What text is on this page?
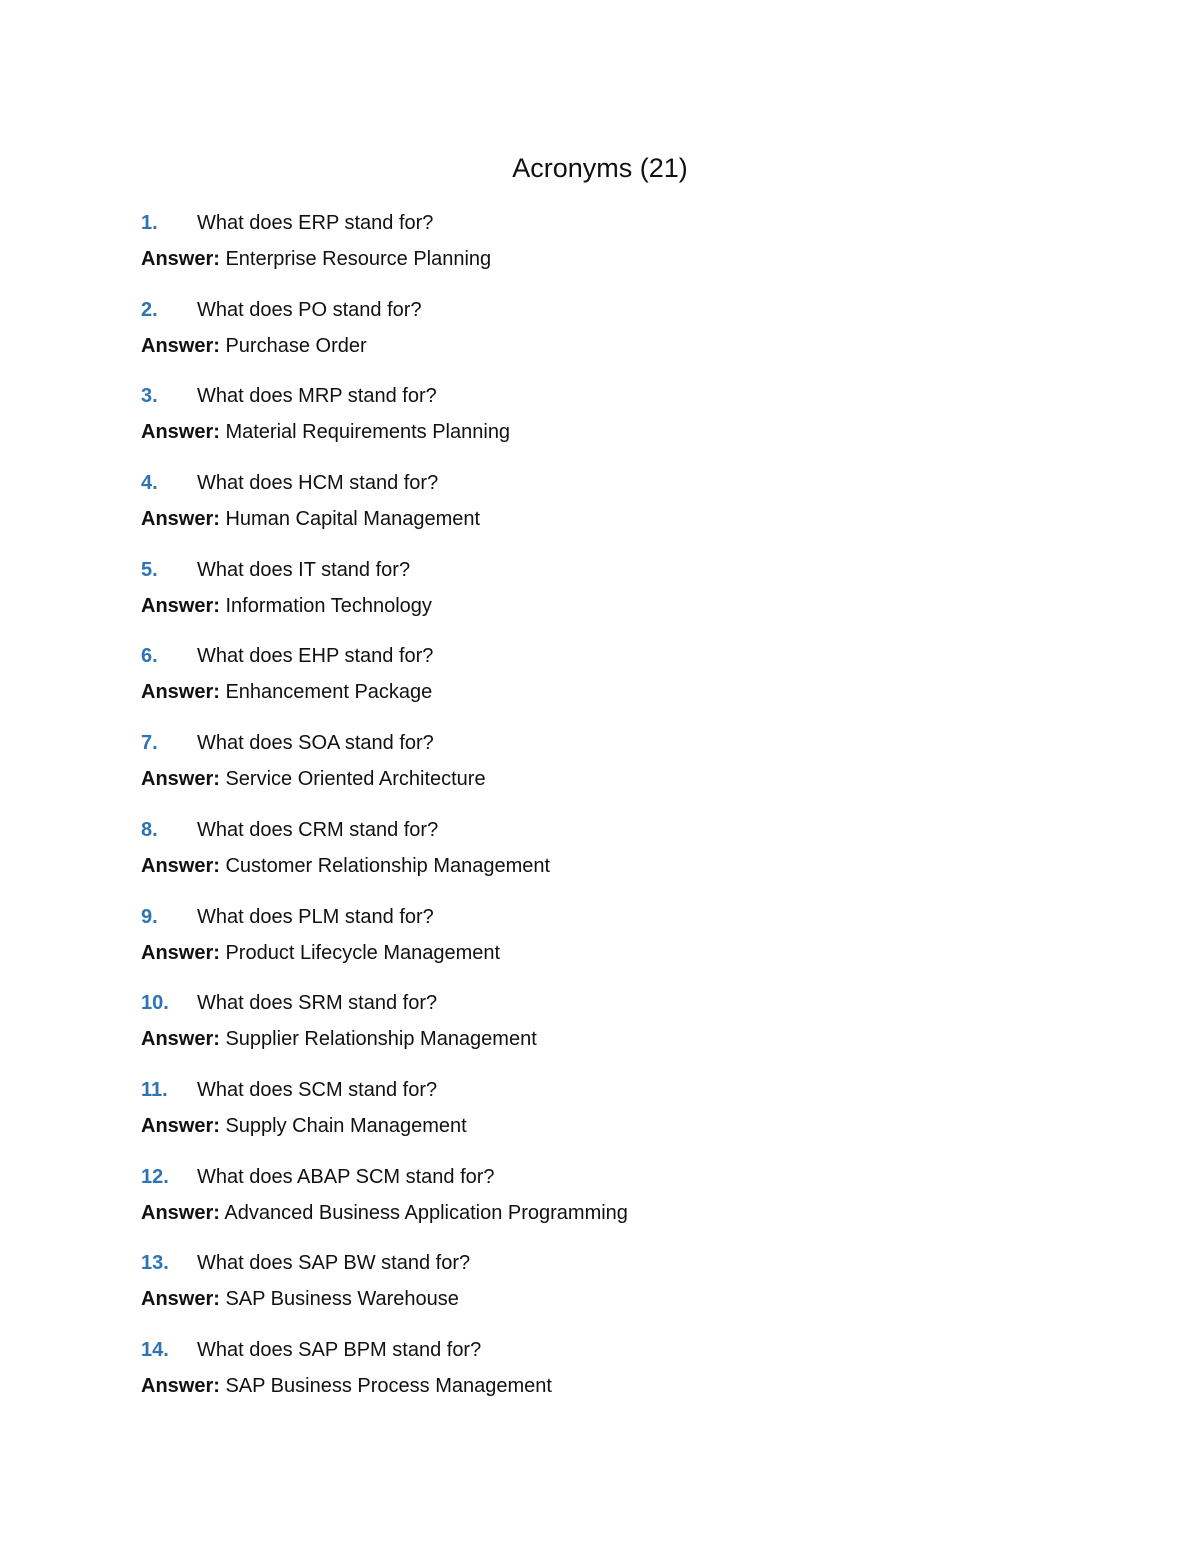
Acronyms (21)
1. What does ERP stand for?
Answer: Enterprise Resource Planning
2. What does PO stand for?
Answer: Purchase Order
3. What does MRP stand for?
Answer: Material Requirements Planning
4. What does HCM stand for?
Answer: Human Capital Management
5. What does IT stand for?
Answer: Information Technology
6. What does EHP stand for?
Answer: Enhancement Package
7. What does SOA stand for?
Answer: Service Oriented Architecture
8. What does CRM stand for?
Answer: Customer Relationship Management
9. What does PLM stand for?
Answer: Product Lifecycle Management
10. What does SRM stand for?
Answer: Supplier Relationship Management
11. What does SCM stand for?
Answer: Supply Chain Management
12. What does ABAP SCM stand for?
Answer: Advanced Business Application Programming
13. What does SAP BW stand for?
Answer: SAP Business Warehouse
14. What does SAP BPM stand for?
Answer: SAP Business Process Management
